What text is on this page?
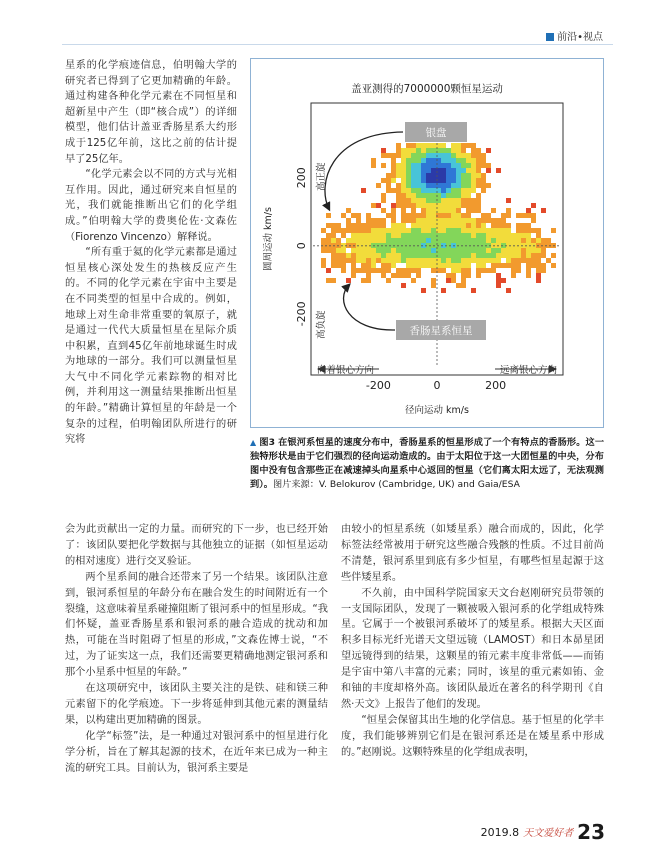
前沿•视点

星系的化学痕迹信息，伯明翰大学的研究者已得到了它更加精确的年龄。通过构建各种化学元素在不同恒星和超新星中产生（即“核合成”）的详细模型，他们估计盖亚香肠星系大约形成于125亿年前，这比之前的估计提早了25亿年。

“化学元素会以不同的方式与光相互作用。因此，通过研究来自恒星的光，我们就能推断出它们的化学组成。”伯明翰大学的费奥伦佐·文森佐（Fiorenzo Vincenzo）解释说。

“所有重于氦的化学元素都是通过恒星核心深处发生的热核反应产生的。不同的化学元素在宇宙中主要是在不同类型的恒星中合成的。例如，地球上对生命非常重要的氧原子，就是通过一代代大质量恒星在星际介质中积累，直到45亿年前地球诞生时成为地球的一部分。我们可以测量恒星大气中不同化学元素踪物的相对比例，并利用这一测量结果推断出恒星的年龄。”精确计算恒星的年龄是一个复杂的过程，伯明翰团队所进行的研究将

盖亚测得的7000000颗恒星运动
-200	0	200
-200
0
200
银盘
香肠星系恒星
高正旋
高负旋
圆周运动 km/s
径向运动 km/s
向着银心方向	远离银心方向
▲ 图3 在银河系恒星的速度分布中，香肠星系的恒星形成了一个有特点的香肠形。这一独特形状是由于它们强烈的径向运动造成的。由于太阳位于这一大团恒星的中央，分布图中没有包含那些正在减速掉头向星系中心返回的恒星（它们离太阳太远了，无法观测到）。图片来源：V. Belokurov (Cambridge, UK) and Gaia/ESA

会为此贡献出一定的力量。而研究的下一步，也已经开始了：该团队要把化学数据与其他独立的证据（如恒星运动的相对速度）进行交叉验证。

两个星系间的融合还带来了另一个结果。该团队注意到，银河系恒星的年龄分布在融合发生的时间附近有一个裂缝，这意味着星系碰撞阻断了银河系中的恒星形成。“我们怀疑，盖亚香肠星系和银河系的融合造成的扰动和加热，可能在当时阻碍了恒星的形成，”文森佐博士说，“不过，为了证实这一点，我们还需要更精确地测定银河系和那个小星系中恒星的年龄。”

在这项研究中，该团队主要关注的是铁、硅和镁三种元素留下的化学痕迹。下一步将延伸到其他元素的测量结果，以构建出更加精确的图景。

化学“标签”法，是一种通过对银河系中的恒星进行化学分析，旨在了解其起源的技术，在近年来已成为一种主流的研究工具。目前认为，银河系主要是

由较小的恒星系统（如矮星系）融合而成的，因此，化学标签法经常被用于研究这些融合残骸的性质。不过目前尚不清楚，银河系里到底有多少恒星，有哪些恒星起源于这些伴矮星系。

不久前，由中国科学院国家天文台赵刚研究员带领的一支国际团队，发现了一颗被吸入银河系的化学组成特殊星。它属于一个被银河系破坏了的矮星系。根据大天区面积多目标光纤光谱天文望远镜（LAMOST）和日本昴星团望远镜得到的结果，这颗星的铕元素丰度非常低——而铕是宇宙中第八丰富的元素；同时，该星的重元素如铕、金和铀的丰度却格外高。该团队最近在著名的科学期刊《自然·天文》上报告了他们的发现。

“恒星会保留其出生地的化学信息。基于恒星的化学丰度，我们能够辨别它们是在银河系还是在矮星系中形成的。”赵刚说。这颗特殊星的化学组成表明，

2019.8 天文爱好者 23
